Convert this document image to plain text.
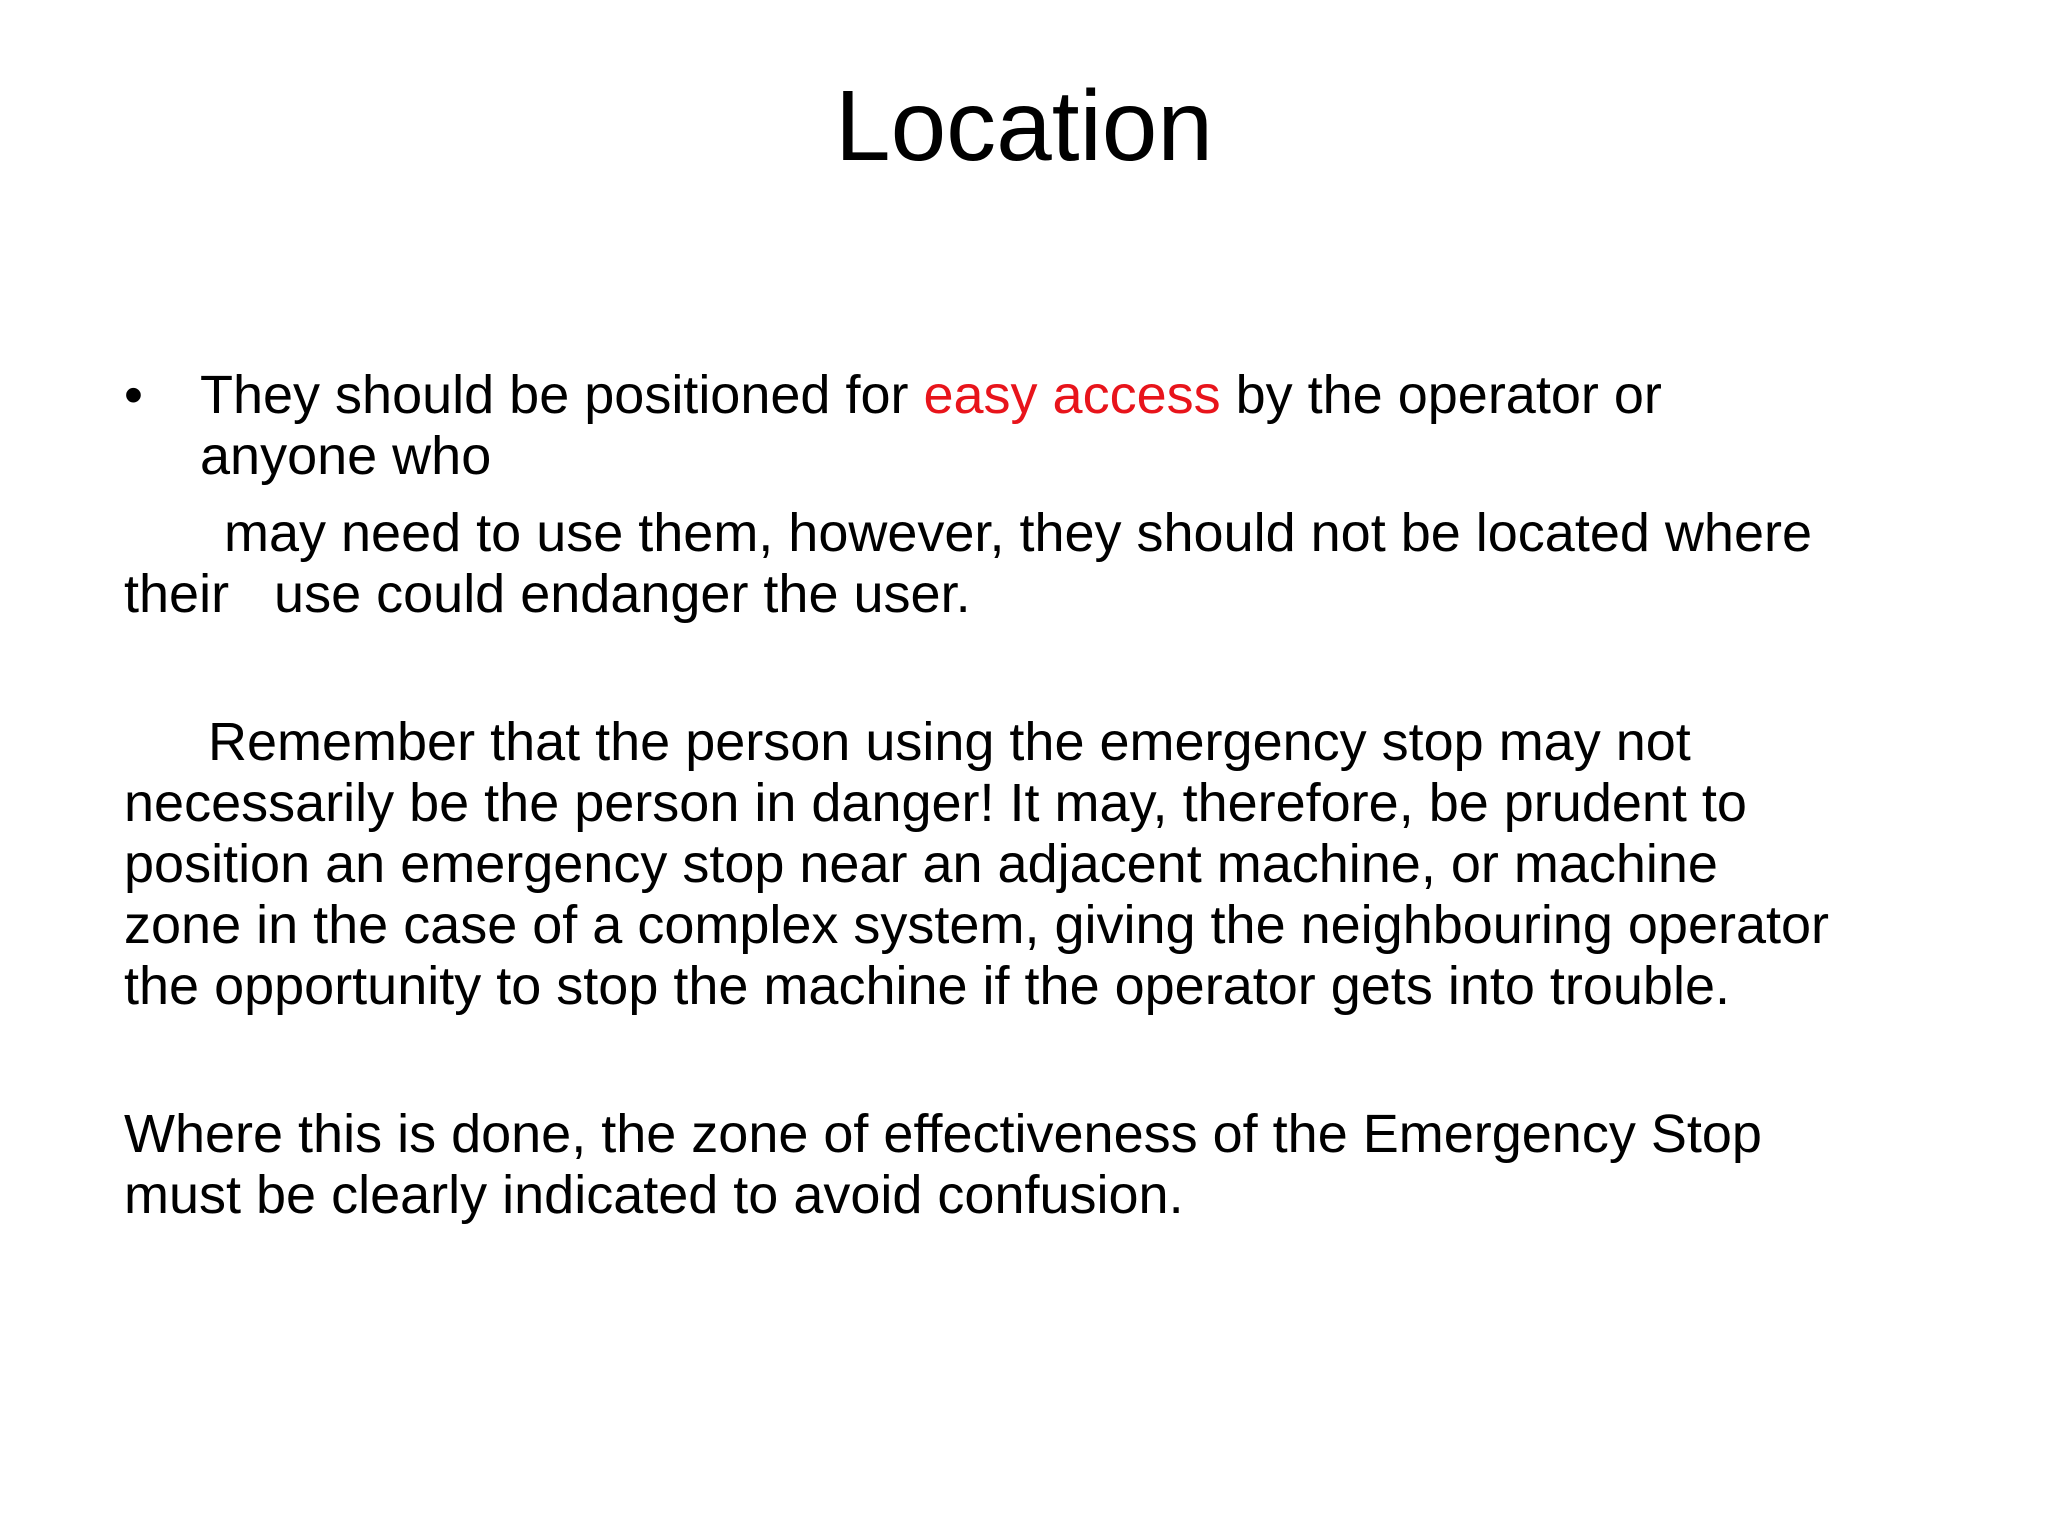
Location
•	They should be positioned for easy access by the operator or
anyone who
may need to use them, however, they should not be located where
their   use could endanger the user.
Remember that the person using the emergency stop may not
necessarily be the person in danger! It may, therefore, be prudent to
position an emergency stop near an adjacent machine, or machine
zone in the case of a complex system, giving the neighbouring operator
the opportunity to stop the machine if the operator gets into trouble.
Where this is done, the zone of effectiveness of the Emergency Stop
must be clearly indicated to avoid confusion.
